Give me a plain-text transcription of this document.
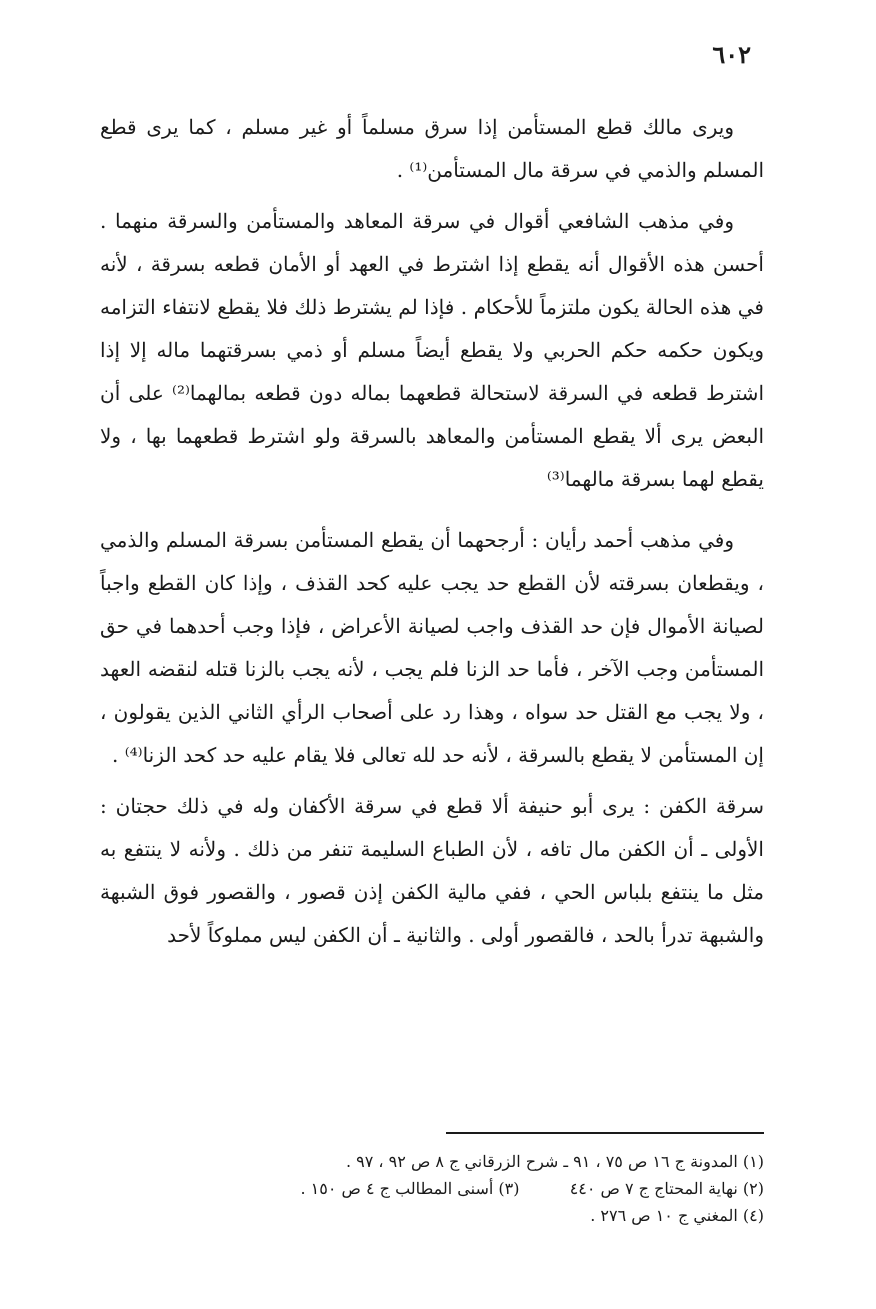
٦٠٢

ويرى مالك قطع المستأمن إذا سرق مسلماً أو غير مسلم ، كما يرى قطع المسلم والذمي في سرقة مال المستأمن⁽¹⁾ .

وفي مذهب الشافعي أقوال في سرقة المعاهد والمستأمن والسرقة منهما . أحسن هذه الأقوال أنه يقطع إذا اشترط في العهد أو الأمان قطعه بسرقة ، لأنه في هذه الحالة يكون ملتزماً للأحكام . فإذا لم يشترط ذلك فلا يقطع لانتفاء التزامه ويكون حكمه حكم الحربي ولا يقطع أيضاً مسلم أو ذمي بسرقتهما ماله إلا إذا اشترط قطعه في السرقة لاستحالة قطعهما بماله دون قطعه بمالهما⁽²⁾ على أن البعض يرى ألا يقطع المستأمن والمعاهد بالسرقة ولو اشترط قطعهما بها ، ولا يقطع لهما بسرقة مالهما⁽³⁾

وفي مذهب أحمد رأيان : أرجحهما أن يقطع المستأمن بسرقة المسلم والذمي ، ويقطعان بسرقته لأن القطع حد يجب عليه كحد القذف ، وإذا كان القطع واجباً لصيانة الأموال فإن حد القذف واجب لصيانة الأعراض ، فإذا وجب أحدهما في حق المستأمن وجب الآخر ، فأما حد الزنا فلم يجب ، لأنه يجب بالزنا قتله لنقضه العهد ، ولا يجب مع القتل حد سواه ، وهذا رد على أصحاب الرأي الثاني الذين يقولون ، إن المستأمن لا يقطع بالسرقة ، لأنه حد لله تعالى فلا يقام عليه حد كحد الزنا⁽⁴⁾ .

سرقة الكفن : يرى أبو حنيفة ألا قطع في سرقة الأكفان وله في ذلك حجتان : الأولى ـ أن الكفن مال تافه ، لأن الطباع السليمة تنفر من ذلك . ولأنه لا ينتفع به مثل ما ينتفع بلباس الحي ، ففي مالية الكفن إذن قصور ، والقصور فوق الشبهة والشبهة تدرأ بالحد ، فالقصور أولى . والثانية ـ أن الكفن ليس مملوكاً لأحد

(١) المدونة ج ١٦ ص ٧٥ ، ٩١ ـ شرح الزرقاني ج ٨ ص ٩٢ ، ٩٧ .
(٢) نهاية المحتاج ج ٧ ص ٤٤٠  (٣) أسنى المطالب ج ٤ ص ١٥٠ .
(٤) المغني ج ١٠ ص ٢٧٦ .
